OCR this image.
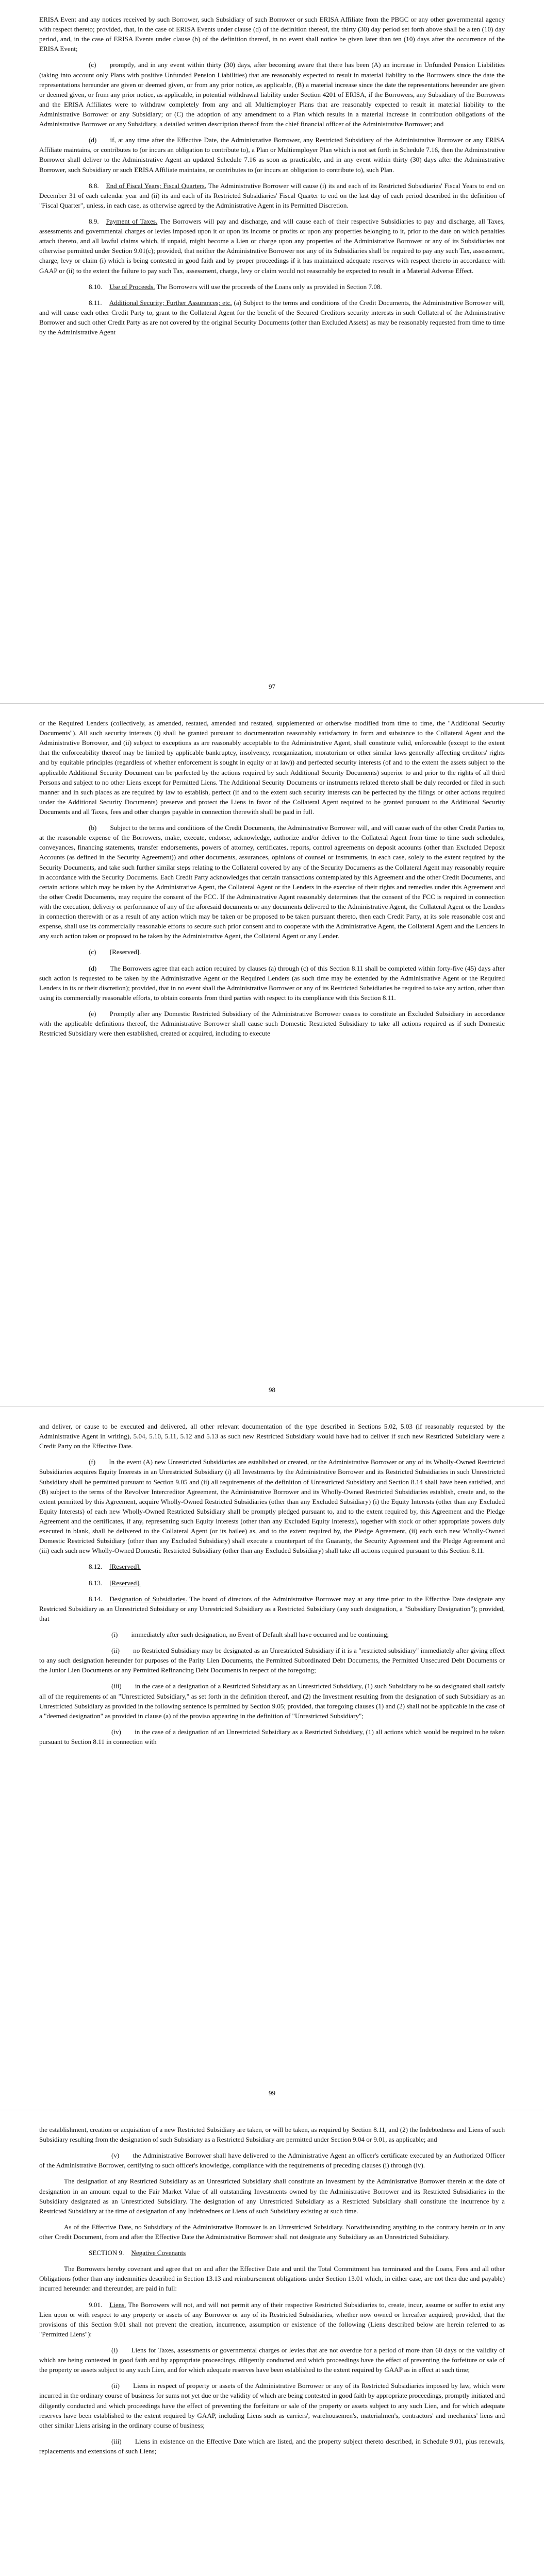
ERISA Event and any notices received by such Borrower, such Subsidiary of such Borrower or such ERISA Affiliate from the PBGC or any other governmental agency with respect thereto; provided, that, in the case of ERISA Events under clause (d) of the definition thereof, the thirty (30) day period set forth above shall be a ten (10) day period, and, in the case of ERISA Events under clause (b) of the definition thereof, in no event shall notice be given later than ten (10) days after the occurrence of the ERISA Event;

(c)  promptly, and in any event within thirty (30) days, after becoming aware that there has been (A) an increase in Unfunded Pension Liabilities (taking into account only Plans with positive Unfunded Pension Liabilities) that are reasonably expected to result in material liability to the Borrowers since the date the representations hereunder are given or deemed given, or from any prior notice, as applicable, (B) a material increase since the date the representations hereunder are given or deemed given, or from any prior notice, as applicable, in potential withdrawal liability under Section 4201 of ERISA, if the Borrowers, any Subsidiary of the Borrowers and the ERISA Affiliates were to withdraw completely from any and all Multiemployer Plans that are reasonably expected to result in material liability to the Administrative Borrower or any Subsidiary; or (C) the adoption of any amendment to a Plan which results in a material increase in contribution obligations of the Administrative Borrower or any Subsidiary, a detailed written description thereof from the chief financial officer of the Administrative Borrower; and

(d)  if, at any time after the Effective Date, the Administrative Borrower, any Restricted Subsidiary of the Administrative Borrower or any ERISA Affiliate maintains, or contributes to (or incurs an obligation to contribute to), a Plan or Multiemployer Plan which is not set forth in Schedule 7.16, then the Administrative Borrower shall deliver to the Administrative Agent an updated Schedule 7.16 as soon as practicable, and in any event within thirty (30) days after the Administrative Borrower, such Subsidiary or such ERISA Affiliate maintains, or contributes to (or incurs an obligation to contribute to), such Plan.

8.8. End of Fiscal Years; Fiscal Quarters. The Administrative Borrower will cause (i) its and each of its Restricted Subsidiaries' Fiscal Years to end on December 31 of each calendar year and (ii) its and each of its Restricted Subsidiaries' Fiscal Quarter to end on the last day of each period described in the definition of "Fiscal Quarter", unless, in each case, as otherwise agreed by the Administrative Agent in its Permitted Discretion.

8.9. Payment of Taxes. The Borrowers will pay and discharge, and will cause each of their respective Subsidiaries to pay and discharge, all Taxes, assessments and governmental charges or levies imposed upon it or upon its income or profits or upon any properties belonging to it, prior to the date on which penalties attach thereto, and all lawful claims which, if unpaid, might become a Lien or charge upon any properties of the Administrative Borrower or any of its Subsidiaries not otherwise permitted under Section 9.01(c); provided, that neither the Administrative Borrower nor any of its Subsidiaries shall be required to pay any such Tax, assessment, charge, levy or claim (i) which is being contested in good faith and by proper proceedings if it has maintained adequate reserves with respect thereto in accordance with GAAP or (ii) to the extent the failure to pay such Tax, assessment, charge, levy or claim would not reasonably be expected to result in a Material Adverse Effect.

8.10. Use of Proceeds. The Borrowers will use the proceeds of the Loans only as provided in Section 7.08.

8.11. Additional Security; Further Assurances; etc. (a) Subject to the terms and conditions of the Credit Documents, the Administrative Borrower will, and will cause each other Credit Party to, grant to the Collateral Agent for the benefit of the Secured Creditors security interests in such Collateral of the Administrative Borrower and such other Credit Party as are not covered by the original Security Documents (other than Excluded Assets) as may be reasonably requested from time to time by the Administrative Agent

97

or the Required Lenders (collectively, as amended, restated, amended and restated, supplemented or otherwise modified from time to time, the "Additional Security Documents"). All such security interests (i) shall be granted pursuant to documentation reasonably satisfactory in form and substance to the Collateral Agent and the Administrative Borrower, and (ii) subject to exceptions as are reasonably acceptable to the Administrative Agent, shall constitute valid, enforceable (except to the extent that the enforceability thereof may be limited by applicable bankruptcy, insolvency, reorganization, moratorium or other similar laws generally affecting creditors' rights and by equitable principles (regardless of whether enforcement is sought in equity or at law)) and perfected security interests (of and to the extent the assets subject to the applicable Additional Security Document can be perfected by the actions required by such Additional Security Documents) superior to and prior to the rights of all third Persons and subject to no other Liens except for Permitted Liens. The Additional Security Documents or instruments related thereto shall be duly recorded or filed in such manner and in such places as are required by law to establish, perfect (if and to the extent such security interests can be perfected by the filings or other actions required under the Additional Security Documents) preserve and protect the Liens in favor of the Collateral Agent required to be granted pursuant to the Additional Security Documents and all Taxes, fees and other charges payable in connection therewith shall be paid in full.

(b)  Subject to the terms and conditions of the Credit Documents, the Administrative Borrower will, and will cause each of the other Credit Parties to, at the reasonable expense of the Borrowers, make, execute, endorse, acknowledge, authorize and/or deliver to the Collateral Agent from time to time such schedules, conveyances, financing statements, transfer endorsements, powers of attorney, certificates, reports, control agreements on deposit accounts (other than Excluded Deposit Accounts (as defined in the Security Agreement)) and other documents, assurances, opinions of counsel or instruments, in each case, solely to the extent required by the Security Documents, and take such further similar steps relating to the Collateral covered by any of the Security Documents as the Collateral Agent may reasonably require in accordance with the Security Documents. Each Credit Party acknowledges that certain transactions contemplated by this Agreement and the other Credit Documents, and certain actions which may be taken by the Administrative Agent, the Collateral Agent or the Lenders in the exercise of their rights and remedies under this Agreement and the other Credit Documents, may require the consent of the FCC. If the Administrative Agent reasonably determines that the consent of the FCC is required in connection with the execution, delivery or performance of any of the aforesaid documents or any documents delivered to the Administrative Agent, the Collateral Agent or the Lenders in connection therewith or as a result of any action which may be taken or be proposed to be taken pursuant thereto, then each Credit Party, at its sole reasonable cost and expense, shall use its commercially reasonable efforts to secure such prior consent and to cooperate with the Administrative Agent, the Collateral Agent and the Lenders in any such action taken or proposed to be taken by the Administrative Agent, the Collateral Agent or any Lender.

(c)  [Reserved].

(d)  The Borrowers agree that each action required by clauses (a) through (c) of this Section 8.11 shall be completed within forty-five (45) days after such action is requested to be taken by the Administrative Agent or the Required Lenders (as such time may be extended by the Administrative Agent or the Required Lenders in its or their discretion); provided, that in no event shall the Administrative Borrower or any of its Restricted Subsidiaries be required to take any action, other than using its commercially reasonable efforts, to obtain consents from third parties with respect to its compliance with this Section 8.11.

(e)  Promptly after any Domestic Restricted Subsidiary of the Administrative Borrower ceases to constitute an Excluded Subsidiary in accordance with the applicable definitions thereof, the Administrative Borrower shall cause such Domestic Restricted Subsidiary to take all actions required as if such Domestic Restricted Subsidiary were then established, created or acquired, including to execute

98

and deliver, or cause to be executed and delivered, all other relevant documentation of the type described in Sections 5.02, 5.03 (if reasonably requested by the Administrative Agent in writing), 5.04, 5.10, 5.11, 5.12 and 5.13 as such new Restricted Subsidiary would have had to deliver if such new Restricted Subsidiary were a Credit Party on the Effective Date.

(f)  In the event (A) new Unrestricted Subsidiaries are established or created, or the Administrative Borrower or any of its Wholly-Owned Restricted Subsidiaries acquires Equity Interests in an Unrestricted Subsidiary (i) all Investments by the Administrative Borrower and its Restricted Subsidiaries in such Unrestricted Subsidiary shall be permitted pursuant to Section 9.05 and (ii) all requirements of the definition of Unrestricted Subsidiary and Section 8.14 shall have been satisfied, and (B) subject to the terms of the Revolver Intercreditor Agreement, the Administrative Borrower and its Wholly-Owned Restricted Subsidiaries establish, create and, to the extent permitted by this Agreement, acquire Wholly-Owned Restricted Subsidiaries (other than any Excluded Subsidiary) (i) the Equity Interests (other than any Excluded Equity Interests) of each new Wholly-Owned Restricted Subsidiary shall be promptly pledged pursuant to, and to the extent required by, this Agreement and the Pledge Agreement and the certificates, if any, representing such Equity Interests (other than any Excluded Equity Interests), together with stock or other appropriate powers duly executed in blank, shall be delivered to the Collateral Agent (or its bailee) as, and to the extent required by, the Pledge Agreement, (ii) each such new Wholly-Owned Domestic Restricted Subsidiary (other than any Excluded Subsidiary) shall execute a counterpart of the Guaranty, the Security Agreement and the Pledge Agreement and (iii) each such new Wholly-Owned Domestic Restricted Subsidiary (other than any Excluded Subsidiary) shall take all actions required pursuant to this Section 8.11.

8.12. [Reserved].

8.13. [Reserved].

8.14. Designation of Subsidiaries. The board of directors of the Administrative Borrower may at any time prior to the Effective Date designate any Restricted Subsidiary as an Unrestricted Subsidiary or any Unrestricted Subsidiary as a Restricted Subsidiary (any such designation, a "Subsidiary Designation"); provided, that

(i)  immediately after such designation, no Event of Default shall have occurred and be continuing;

(ii)  no Restricted Subsidiary may be designated as an Unrestricted Subsidiary if it is a "restricted subsidiary" immediately after giving effect to any such designation hereunder for purposes of the Parity Lien Documents, the Permitted Subordinated Debt Documents, the Permitted Unsecured Debt Documents or the Junior Lien Documents or any Permitted Refinancing Debt Documents in respect of the foregoing;

(iii)  in the case of a designation of a Restricted Subsidiary as an Unrestricted Subsidiary, (1) such Subsidiary to be so designated shall satisfy all of the requirements of an "Unrestricted Subsidiary," as set forth in the definition thereof, and (2) the Investment resulting from the designation of such Subsidiary as an Unrestricted Subsidiary as provided in the following sentence is permitted by Section 9.05; provided, that foregoing clauses (1) and (2) shall not be applicable in the case of a "deemed designation" as provided in clause (a) of the proviso appearing in the definition of "Unrestricted Subsidiary";

(iv)  in the case of a designation of an Unrestricted Subsidiary as a Restricted Subsidiary, (1) all actions which would be required to be taken pursuant to Section 8.11 in connection with

99

the establishment, creation or acquisition of a new Restricted Subsidiary are taken, or will be taken, as required by Section 8.11, and (2) the Indebtedness and Liens of such Subsidiary resulting from the designation of such Subsidiary as a Restricted Subsidiary are permitted under Section 9.04 or 9.01, as applicable; and

(v)  the Administrative Borrower shall have delivered to the Administrative Agent an officer's certificate executed by an Authorized Officer of the Administrative Borrower, certifying to such officer's knowledge, compliance with the requirements of preceding clauses (i) through (iv).

The designation of any Restricted Subsidiary as an Unrestricted Subsidiary shall constitute an Investment by the Administrative Borrower therein at the date of designation in an amount equal to the Fair Market Value of all outstanding Investments owned by the Administrative Borrower and its Restricted Subsidiaries in the Subsidiary designated as an Unrestricted Subsidiary. The designation of any Unrestricted Subsidiary as a Restricted Subsidiary shall constitute the incurrence by a Restricted Subsidiary at the time of designation of any Indebtedness or Liens of such Subsidiary existing at such time.

As of the Effective Date, no Subsidiary of the Administrative Borrower is an Unrestricted Subsidiary. Notwithstanding anything to the contrary herein or in any other Credit Document, from and after the Effective Date the Administrative Borrower shall not designate any Subsidiary as an Unrestricted Subsidiary.

SECTION 9. Negative Covenants

The Borrowers hereby covenant and agree that on and after the Effective Date and until the Total Commitment has terminated and the Loans, Fees and all other Obligations (other than any indemnities described in Section 13.13 and reimbursement obligations under Section 13.01 which, in either case, are not then due and payable) incurred hereunder and thereunder, are paid in full:

9.01. Liens. The Borrowers will not, and will not permit any of their respective Restricted Subsidiaries to, create, incur, assume or suffer to exist any Lien upon or with respect to any property or assets of any Borrower or any of its Restricted Subsidiaries, whether now owned or hereafter acquired; provided, that the provisions of this Section 9.01 shall not prevent the creation, incurrence, assumption or existence of the following (Liens described below are herein referred to as "Permitted Liens"):

(i)  Liens for Taxes, assessments or governmental charges or levies that are not overdue for a period of more than 60 days or the validity of which are being contested in good faith and by appropriate proceedings, diligently conducted and which proceedings have the effect of preventing the forfeiture or sale of the property or assets subject to any such Lien, and for which adequate reserves have been established to the extent required by GAAP as in effect at such time;

(ii)  Liens in respect of property or assets of the Administrative Borrower or any of its Restricted Subsidiaries imposed by law, which were incurred in the ordinary course of business for sums not yet due or the validity of which are being contested in good faith by appropriate proceedings, promptly initiated and diligently conducted and which proceedings have the effect of preventing the forfeiture or sale of the property or assets subject to any such Lien, and for which adequate reserves have been established to the extent required by GAAP, including Liens such as carriers', warehousemen's, materialmen's, contractors' and mechanics' liens and other similar Liens arising in the ordinary course of business;

(iii)  Liens in existence on the Effective Date which are listed, and the property subject thereto described, in Schedule 9.01, plus renewals, replacements and extensions of such Liens;
